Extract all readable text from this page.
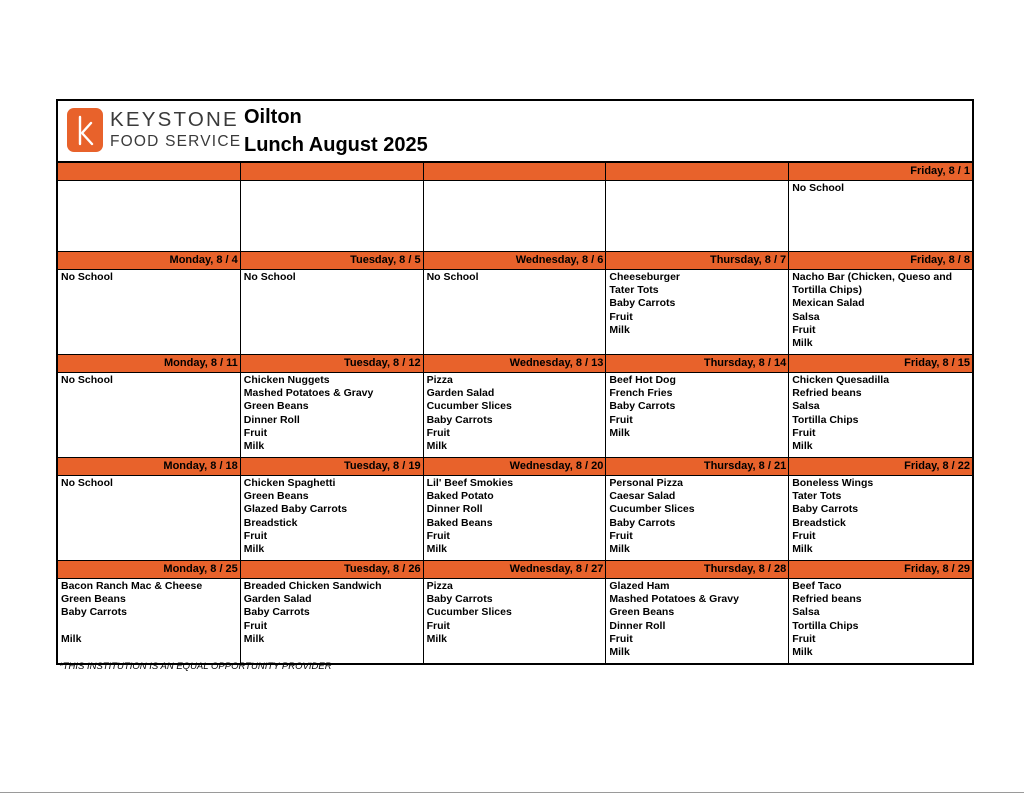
KEYSTONE
FOOD SERVICE
Oilton
Lunch August 2025
Friday, 8 / 1
No School
Monday, 8 / 4
No School
Tuesday, 8 / 5
No School
Wednesday, 8 / 6
No School
Thursday, 8 / 7
Cheeseburger
Tater Tots
Baby Carrots
Fruit
Milk
Friday, 8 / 8
Nacho Bar (Chicken, Queso and
Tortilla Chips)
Mexican Salad
Salsa
Fruit
Milk
Monday, 8 / 11
No School
Tuesday, 8 / 12
Chicken Nuggets
Mashed Potatoes & Gravy
Green Beans
Dinner Roll
Fruit
Milk
Wednesday, 8 / 13
Pizza
Garden Salad
Cucumber Slices
Baby Carrots
Fruit
Milk
Thursday, 8 / 14
Beef Hot Dog
French Fries
Baby Carrots
Fruit
Milk
Friday, 8 / 15
Chicken Quesadilla
Refried beans
Salsa
Tortilla Chips
Fruit
Milk
Monday, 8 / 18
No School
Tuesday, 8 / 19
Chicken Spaghetti
Green Beans
Glazed Baby Carrots
Breadstick
Fruit
Milk
Wednesday, 8 / 20
Lil' Beef Smokies
Baked Potato
Dinner Roll
Baked Beans
Fruit
Milk
Thursday, 8 / 21
Personal Pizza
Caesar Salad
Cucumber Slices
Baby Carrots
Fruit
Milk
Friday, 8 / 22
Boneless Wings
Tater Tots
Baby Carrots
Breadstick
Fruit
Milk
Monday, 8 / 25
Bacon Ranch Mac & Cheese
Green Beans
Baby Carrots
Milk
Tuesday, 8 / 26
Breaded Chicken Sandwich
Garden Salad
Baby Carrots
Fruit
Milk
Wednesday, 8 / 27
Pizza
Baby Carrots
Cucumber Slices
Fruit
Milk
Thursday, 8 / 28
Glazed Ham
Mashed Potatoes & Gravy
Green Beans
Dinner Roll
Fruit
Milk
Friday, 8 / 29
Beef Taco
Refried beans
Salsa
Tortilla Chips
Fruit
Milk
*THIS INSTITUTION IS AN EQUAL OPPORTUNITY PROVIDER
